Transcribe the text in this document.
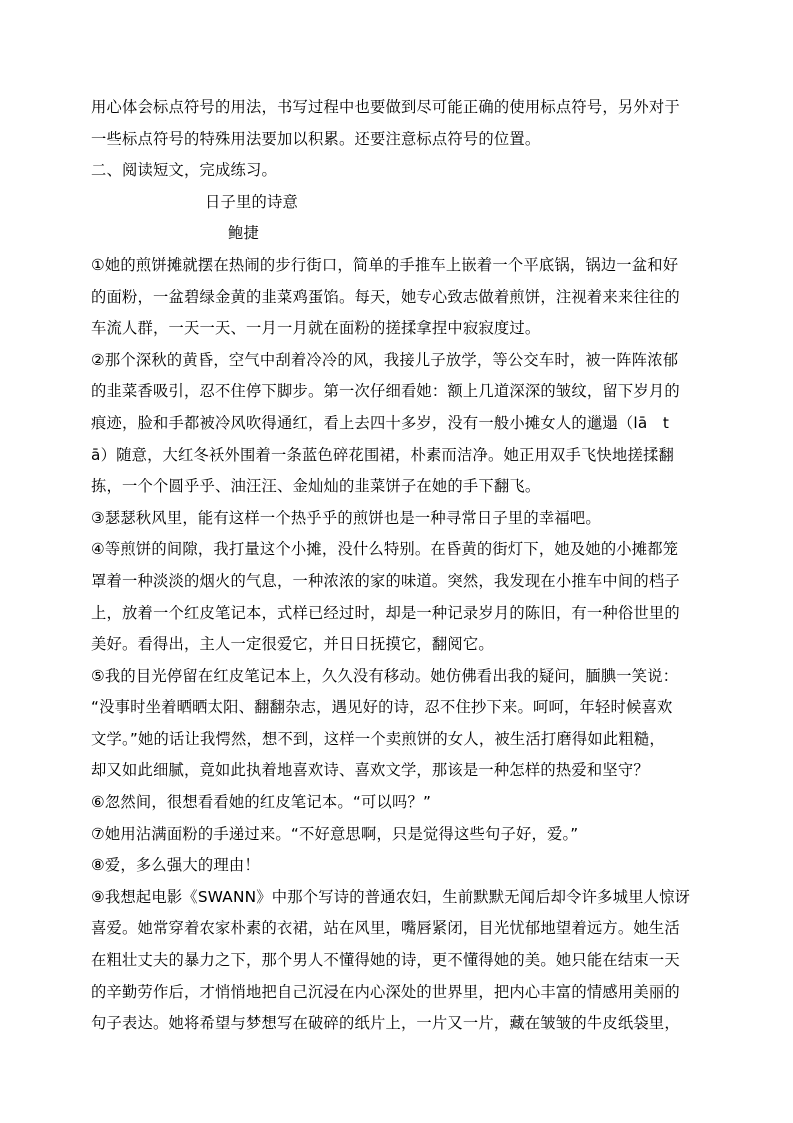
用心体会标点符号的用法，书写过程中也要做到尽可能正确的使用标点符号，另外对于
一些标点符号的特殊用法要加以积累。还要注意标点符号的位置。
二、阅读短文，完成练习。
日子里的诗意
鲍捷
①她的煎饼摊就摆在热闹的步行街口，简单的手推车上嵌着一个平底锅，锅边一盆和好
的面粉，一盆碧绿金黄的韭菜鸡蛋馅。每天，她专心致志做着煎饼，注视着来来往往的
车流人群，一天一天、一月一月就在面粉的搓揉拿捏中寂寂度过。
②那个深秋的黄昏，空气中刮着冷冷的风，我接儿子放学，等公交车时，被一阵阵浓郁
的韭菜香吸引，忍不住停下脚步。第一次仔细看她：额上几道深深的皱纹，留下岁月的
痕迹，脸和手都被冷风吹得通红，看上去四十多岁，没有一般小摊女人的邋遢（lā　t
ā）随意，大红冬袄外围着一条蓝色碎花围裙，朴素而洁净。她正用双手飞快地搓揉翻
拣，一个个圆乎乎、油汪汪、金灿灿的韭菜饼子在她的手下翻飞。
③瑟瑟秋风里，能有这样一个热乎乎的煎饼也是一种寻常日子里的幸福吧。
④等煎饼的间隙，我打量这个小摊，没什么特别。在昏黄的街灯下，她及她的小摊都笼
罩着一种淡淡的烟火的气息，一种浓浓的家的味道。突然，我发现在小推车中间的档子
上，放着一个红皮笔记本，式样已经过时，却是一种记录岁月的陈旧，有一种俗世里的
美好。看得出，主人一定很爱它，并日日抚摸它，翻阅它。
⑤我的目光停留在红皮笔记本上，久久没有移动。她仿佛看出我的疑问，腼腆一笑说：
“没事时坐着晒晒太阳、翻翻杂志，遇见好的诗，忍不住抄下来。呵呵，年轻时候喜欢
文学。”她的话让我愕然，想不到，这样一个卖煎饼的女人，被生活打磨得如此粗糙，
却又如此细腻，竟如此执着地喜欢诗、喜欢文学，那该是一种怎样的热爱和坚守？
⑥忽然间，很想看看她的红皮笔记本。“可以吗？”
⑦她用沾满面粉的手递过来。“不好意思啊，只是觉得这些句子好，爱。”
⑧爱，多么强大的理由！
⑨我想起电影《SWANN》中那个写诗的普通农妇，生前默默无闻后却令许多城里人惊讶
喜爱。她常穿着农家朴素的衣裙，站在风里，嘴唇紧闭，目光忧郁地望着远方。她生活
在粗壮丈夫的暴力之下，那个男人不懂得她的诗，更不懂得她的美。她只能在结束一天
的辛勤劳作后，才悄悄地把自己沉浸在内心深处的世界里，把内心丰富的情感用美丽的
句子表达。她将希望与梦想写在破碎的纸片上，一片又一片，藏在皱皱的牛皮纸袋里，
